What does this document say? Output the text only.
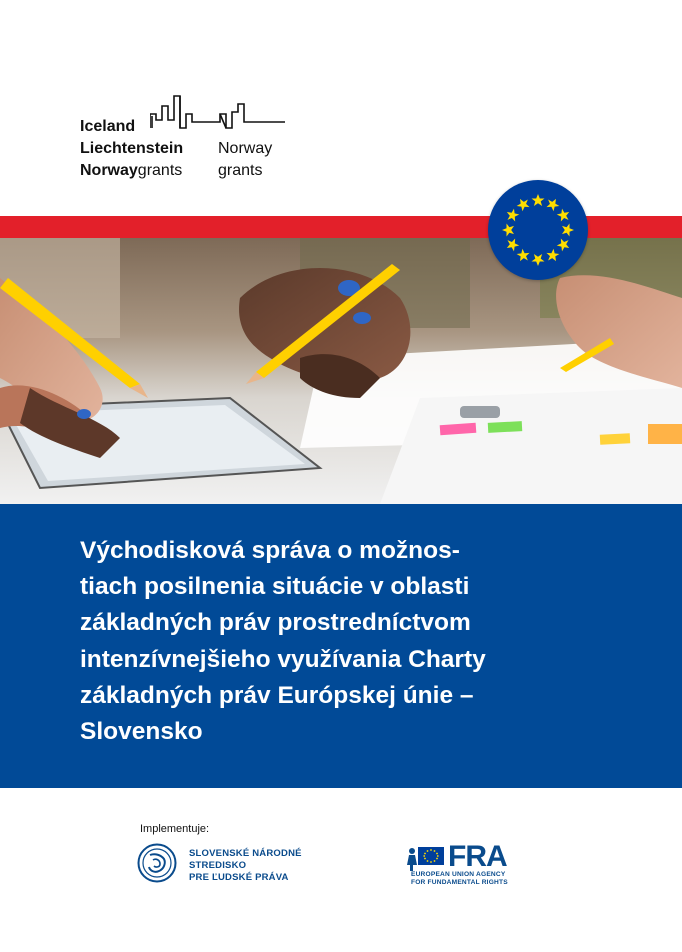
Iceland
Liechtenstein
Norwaygrants
Norway
grants
Východisková správa o možnos-
tiach posilnenia situácie v oblasti
základných práv prostredníctvom
intenzívnejšieho využívania Charty
základných práv Európskej únie –
Slovensko
Implementuje:
SLOVENSKÉ NÁRODNÉ
STREDISKO
PRE ĽUDSKÉ PRÁVA
FRA
EUROPEAN UNION AGENCY
FOR FUNDAMENTAL RIGHTS
